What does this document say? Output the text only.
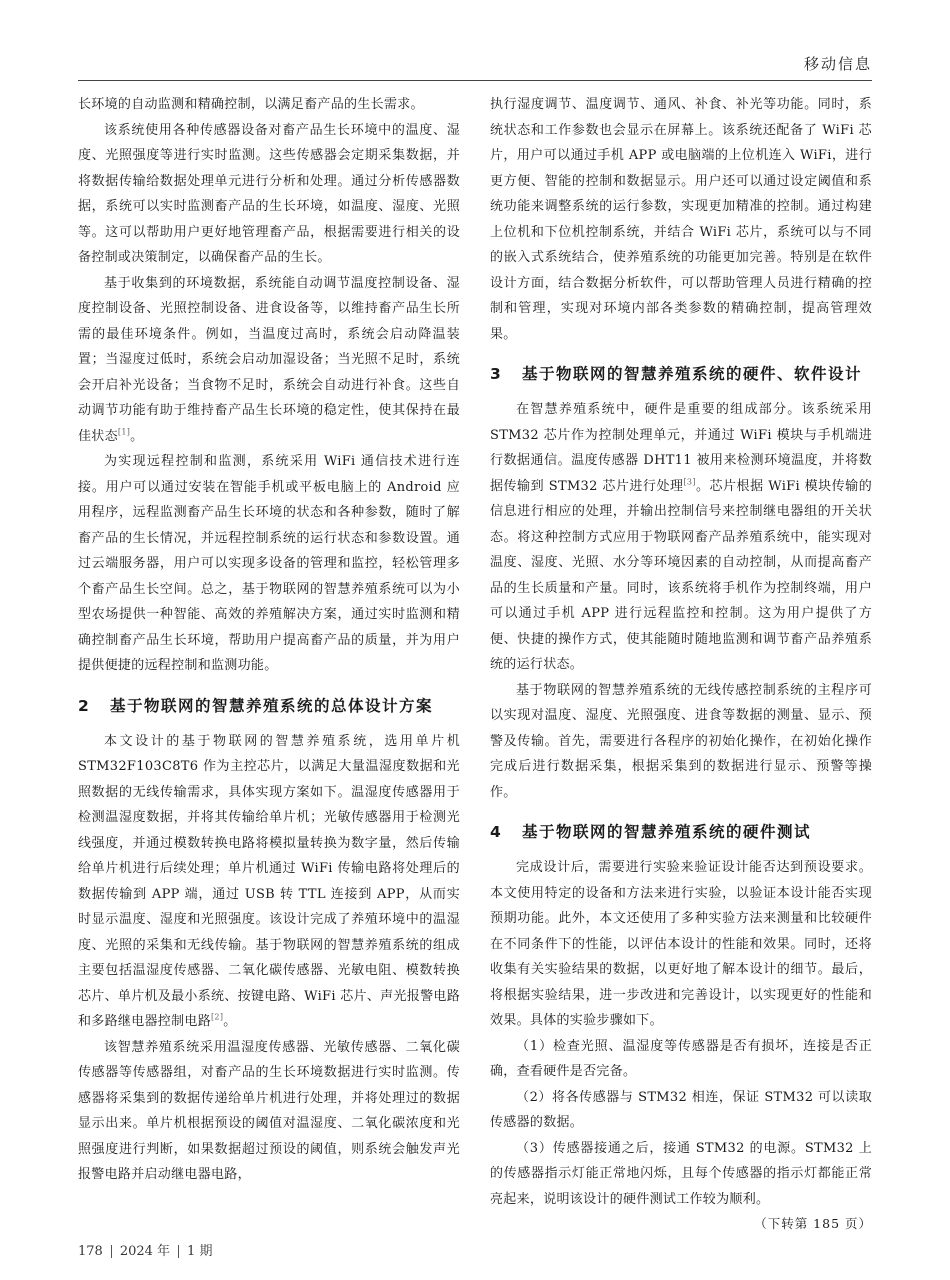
移动信息

长环境的自动监测和精确控制，以满足畜产品的生长需求。

该系统使用各种传感器设备对畜产品生长环境中的温度、湿度、光照强度等进行实时监测。这些传感器会定期采集数据，并将数据传输给数据处理单元进行分析和处理。通过分析传感器数据，系统可以实时监测畜产品的生长环境，如温度、湿度、光照等。这可以帮助用户更好地管理畜产品，根据需要进行相关的设备控制或决策制定，以确保畜产品的生长。

基于收集到的环境数据，系统能自动调节温度控制设备、湿度控制设备、光照控制设备、进食设备等，以维持畜产品生长所需的最佳环境条件。例如，当温度过高时，系统会启动降温装置；当湿度过低时，系统会启动加湿设备；当光照不足时，系统会开启补光设备；当食物不足时，系统会自动进行补食。这些自动调节功能有助于维持畜产品生长环境的稳定性，使其保持在最佳状态[1]。

为实现远程控制和监测，系统采用 WiFi 通信技术进行连接。用户可以通过安装在智能手机或平板电脑上的 Android 应用程序，远程监测畜产品生长环境的状态和各种参数，随时了解畜产品的生长情况，并远程控制系统的运行状态和参数设置。通过云端服务器，用户可以实现多设备的管理和监控，轻松管理多个畜产品生长空间。总之，基于物联网的智慧养殖系统可以为小型农场提供一种智能、高效的养殖解决方案，通过实时监测和精确控制畜产品生长环境，帮助用户提高畜产品的质量，并为用户提供便捷的远程控制和监测功能。

2	基于物联网的智慧养殖系统的总体设计方案

本文设计的基于物联网的智慧养殖系统，选用单片机 STM32F103C8T6 作为主控芯片，以满足大量温湿度数据和光照数据的无线传输需求，具体实现方案如下。温湿度传感器用于检测温湿度数据，并将其传输给单片机；光敏传感器用于检测光线强度，并通过模数转换电路将模拟量转换为数字量，然后传输给单片机进行后续处理；单片机通过 WiFi 传输电路将处理后的数据传输到 APP 端，通过 USB 转 TTL 连接到 APP，从而实时显示温度、湿度和光照强度。该设计完成了养殖环境中的温湿度、光照的采集和无线传输。基于物联网的智慧养殖系统的组成主要包括温湿度传感器、二氧化碳传感器、光敏电阻、模数转换芯片、单片机及最小系统、按键电路、WiFi 芯片、声光报警电路和多路继电器控制电路[2]。

该智慧养殖系统采用温湿度传感器、光敏传感器、二氧化碳传感器等传感器组，对畜产品的生长环境数据进行实时监测。传感器将采集到的数据传递给单片机进行处理，并将处理过的数据显示出来。单片机根据预设的阈值对温湿度、二氧化碳浓度和光照强度进行判断，如果数据超过预设的阈值，则系统会触发声光报警电路并启动继电器电路，

执行湿度调节、温度调节、通风、补食、补光等功能。同时，系统状态和工作参数也会显示在屏幕上。该系统还配备了 WiFi 芯片，用户可以通过手机 APP 或电脑端的上位机连入 WiFi，进行更方便、智能的控制和数据显示。用户还可以通过设定阈值和系统功能来调整系统的运行参数，实现更加精准的控制。通过构建上位机和下位机控制系统，并结合 WiFi 芯片，系统可以与不同的嵌入式系统结合，使养殖系统的功能更加完善。特别是在软件设计方面，结合数据分析软件，可以帮助管理人员进行精确的控制和管理，实现对环境内部各类参数的精确控制，提高管理效果。

3	基于物联网的智慧养殖系统的硬件、软件设计

在智慧养殖系统中，硬件是重要的组成部分。该系统采用 STM32 芯片作为控制处理单元，并通过 WiFi 模块与手机端进行数据通信。温度传感器 DHT11 被用来检测环境温度，并将数据传输到 STM32 芯片进行处理[3]。芯片根据 WiFi 模块传输的信息进行相应的处理，并输出控制信号来控制继电器组的开关状态。将这种控制方式应用于物联网畜产品养殖系统中，能实现对温度、湿度、光照、水分等环境因素的自动控制，从而提高畜产品的生长质量和产量。同时，该系统将手机作为控制终端，用户可以通过手机 APP 进行远程监控和控制。这为用户提供了方便、快捷的操作方式，使其能随时随地监测和调节畜产品养殖系统的运行状态。

基于物联网的智慧养殖系统的无线传感控制系统的主程序可以实现对温度、湿度、光照强度、进食等数据的测量、显示、预警及传输。首先，需要进行各程序的初始化操作，在初始化操作完成后进行数据采集，根据采集到的数据进行显示、预警等操作。

4	基于物联网的智慧养殖系统的硬件测试

完成设计后，需要进行实验来验证设计能否达到预设要求。本文使用特定的设备和方法来进行实验，以验证本设计能否实现预期功能。此外，本文还使用了多种实验方法来测量和比较硬件在不同条件下的性能，以评估本设计的性能和效果。同时，还将收集有关实验结果的数据，以更好地了解本设计的细节。最后，将根据实验结果，进一步改进和完善设计，以实现更好的性能和效果。具体的实验步骤如下。

（1）检查光照、温湿度等传感器是否有损坏，连接是否正确，查看硬件是否完备。

（2）将各传感器与 STM32 相连，保证 STM32 可以读取传感器的数据。

（3）传感器接通之后，接通 STM32 的电源。STM32 上的传感器指示灯能正常地闪烁，且每个传感器的指示灯都能正常亮起来，说明该设计的硬件测试工作较为顺利。

（下转第 185 页）
178 2024 年 1 期
